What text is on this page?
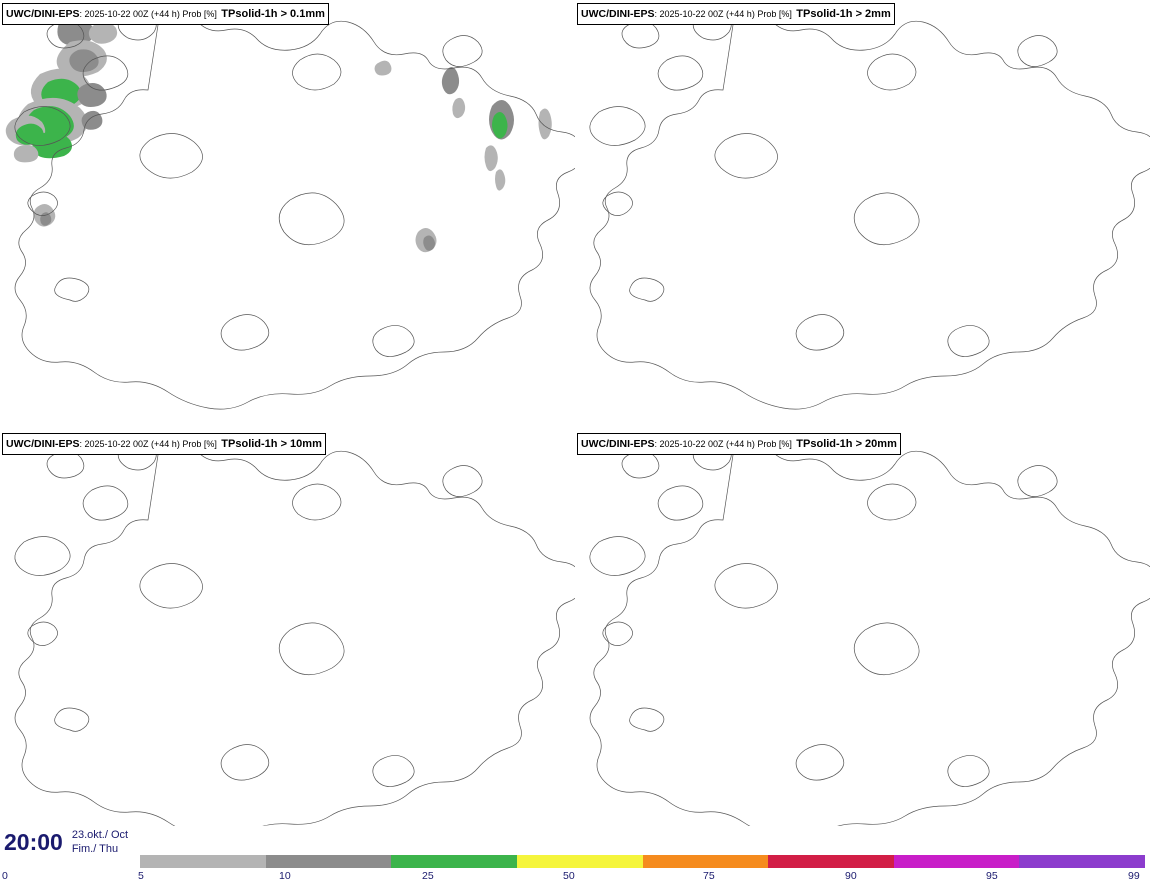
UWC/DINI-EPS: 2025-10-22 00Z (+44 h) Prob [%] TPsolid-1h > 0.1mm	UWC/DINI-EPS: 2025-10-22 00Z (+44 h) Prob [%] TPsolid-1h > 2mm
UWC/DINI-EPS: 2025-10-22 00Z (+44 h) Prob [%] TPsolid-1h > 10mm	UWC/DINI-EPS: 2025-10-22 00Z (+44 h) Prob [%] TPsolid-1h > 20mm
20:00 23.okt./ Oct
Fim./ Thu
0	5	10	25	50	75	90	95	99
